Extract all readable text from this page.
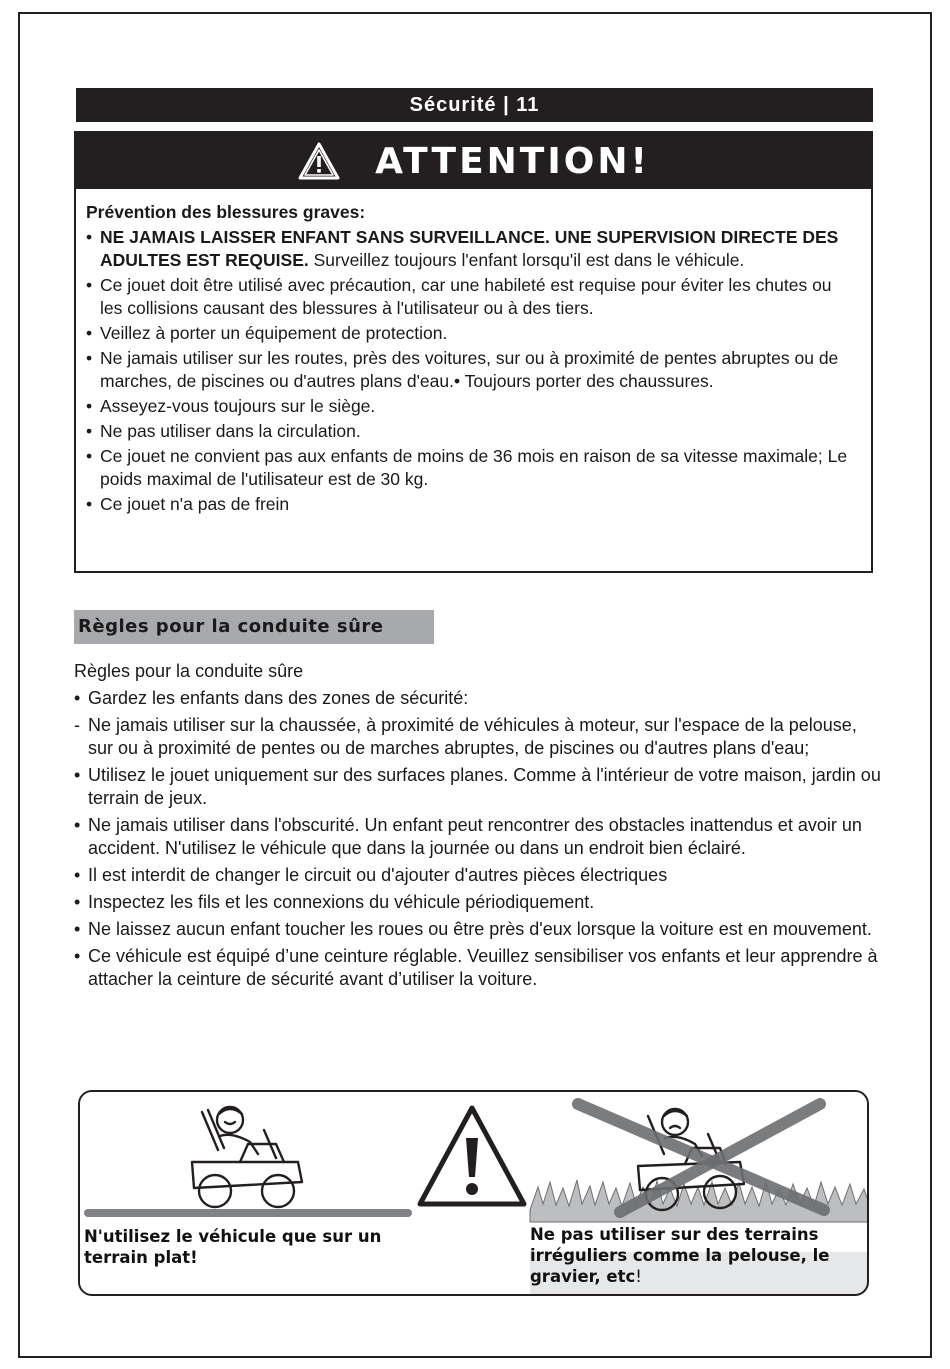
Sécurité | 11
ATTENTION!
Prévention des blessures graves:
• NE JAMAIS LAISSER ENFANT SANS SURVEILLANCE. UNE SUPERVISION DIRECTE DES ADULTES EST REQUISE. Surveillez toujours l'enfant lorsqu'il est dans le véhicule.
• Ce jouet doit être utilisé avec précaution, car une habileté est requise pour éviter les chutes ou les collisions causant des blessures à l'utilisateur ou à des tiers.
• Veillez à porter un équipement de protection.
• Ne jamais utiliser sur les routes, près des voitures, sur ou à proximité de pentes abruptes ou de marches, de piscines ou d'autres plans d'eau.• Toujours porter des chaussures.
• Asseyez-vous toujours sur le siège.
• Ne pas utiliser dans la circulation.
• Ce jouet ne convient pas aux enfants de moins de 36 mois en raison de sa vitesse maximale; Le poids maximal de l'utilisateur est de 30 kg.
• Ce jouet n'a pas de frein
Règles pour la conduite sûre
Règles pour la conduite sûre
• Gardez les enfants dans des zones de sécurité:
- Ne jamais utiliser sur la chaussée, à proximité de véhicules à moteur, sur l'espace de la pelouse, sur ou à proximité de pentes ou de marches abruptes, de piscines ou d'autres plans d'eau;
• Utilisez le jouet uniquement sur des surfaces planes. Comme à l'intérieur de votre maison, jardin ou terrain de jeux.
• Ne jamais utiliser dans l'obscurité. Un enfant peut rencontrer des obstacles inattendus et avoir un accident. N'utilisez le véhicule que dans la journée ou dans un endroit bien éclairé.
• Il est interdit de changer le circuit ou d'ajouter d'autres pièces électriques
• Inspectez les fils et les connexions du véhicule périodiquement.
• Ne laissez aucun enfant toucher les roues ou être près d'eux lorsque la voiture est en mouvement.
• Ce véhicule est équipé d’une ceinture réglable. Veuillez sensibiliser vos enfants et leur apprendre à attacher la ceinture de sécurité avant d’utiliser la voiture.
N'utilisez le véhicule que sur un terrain plat!
Ne pas utiliser sur des terrains irréguliers comme la pelouse, le gravier, etc!
